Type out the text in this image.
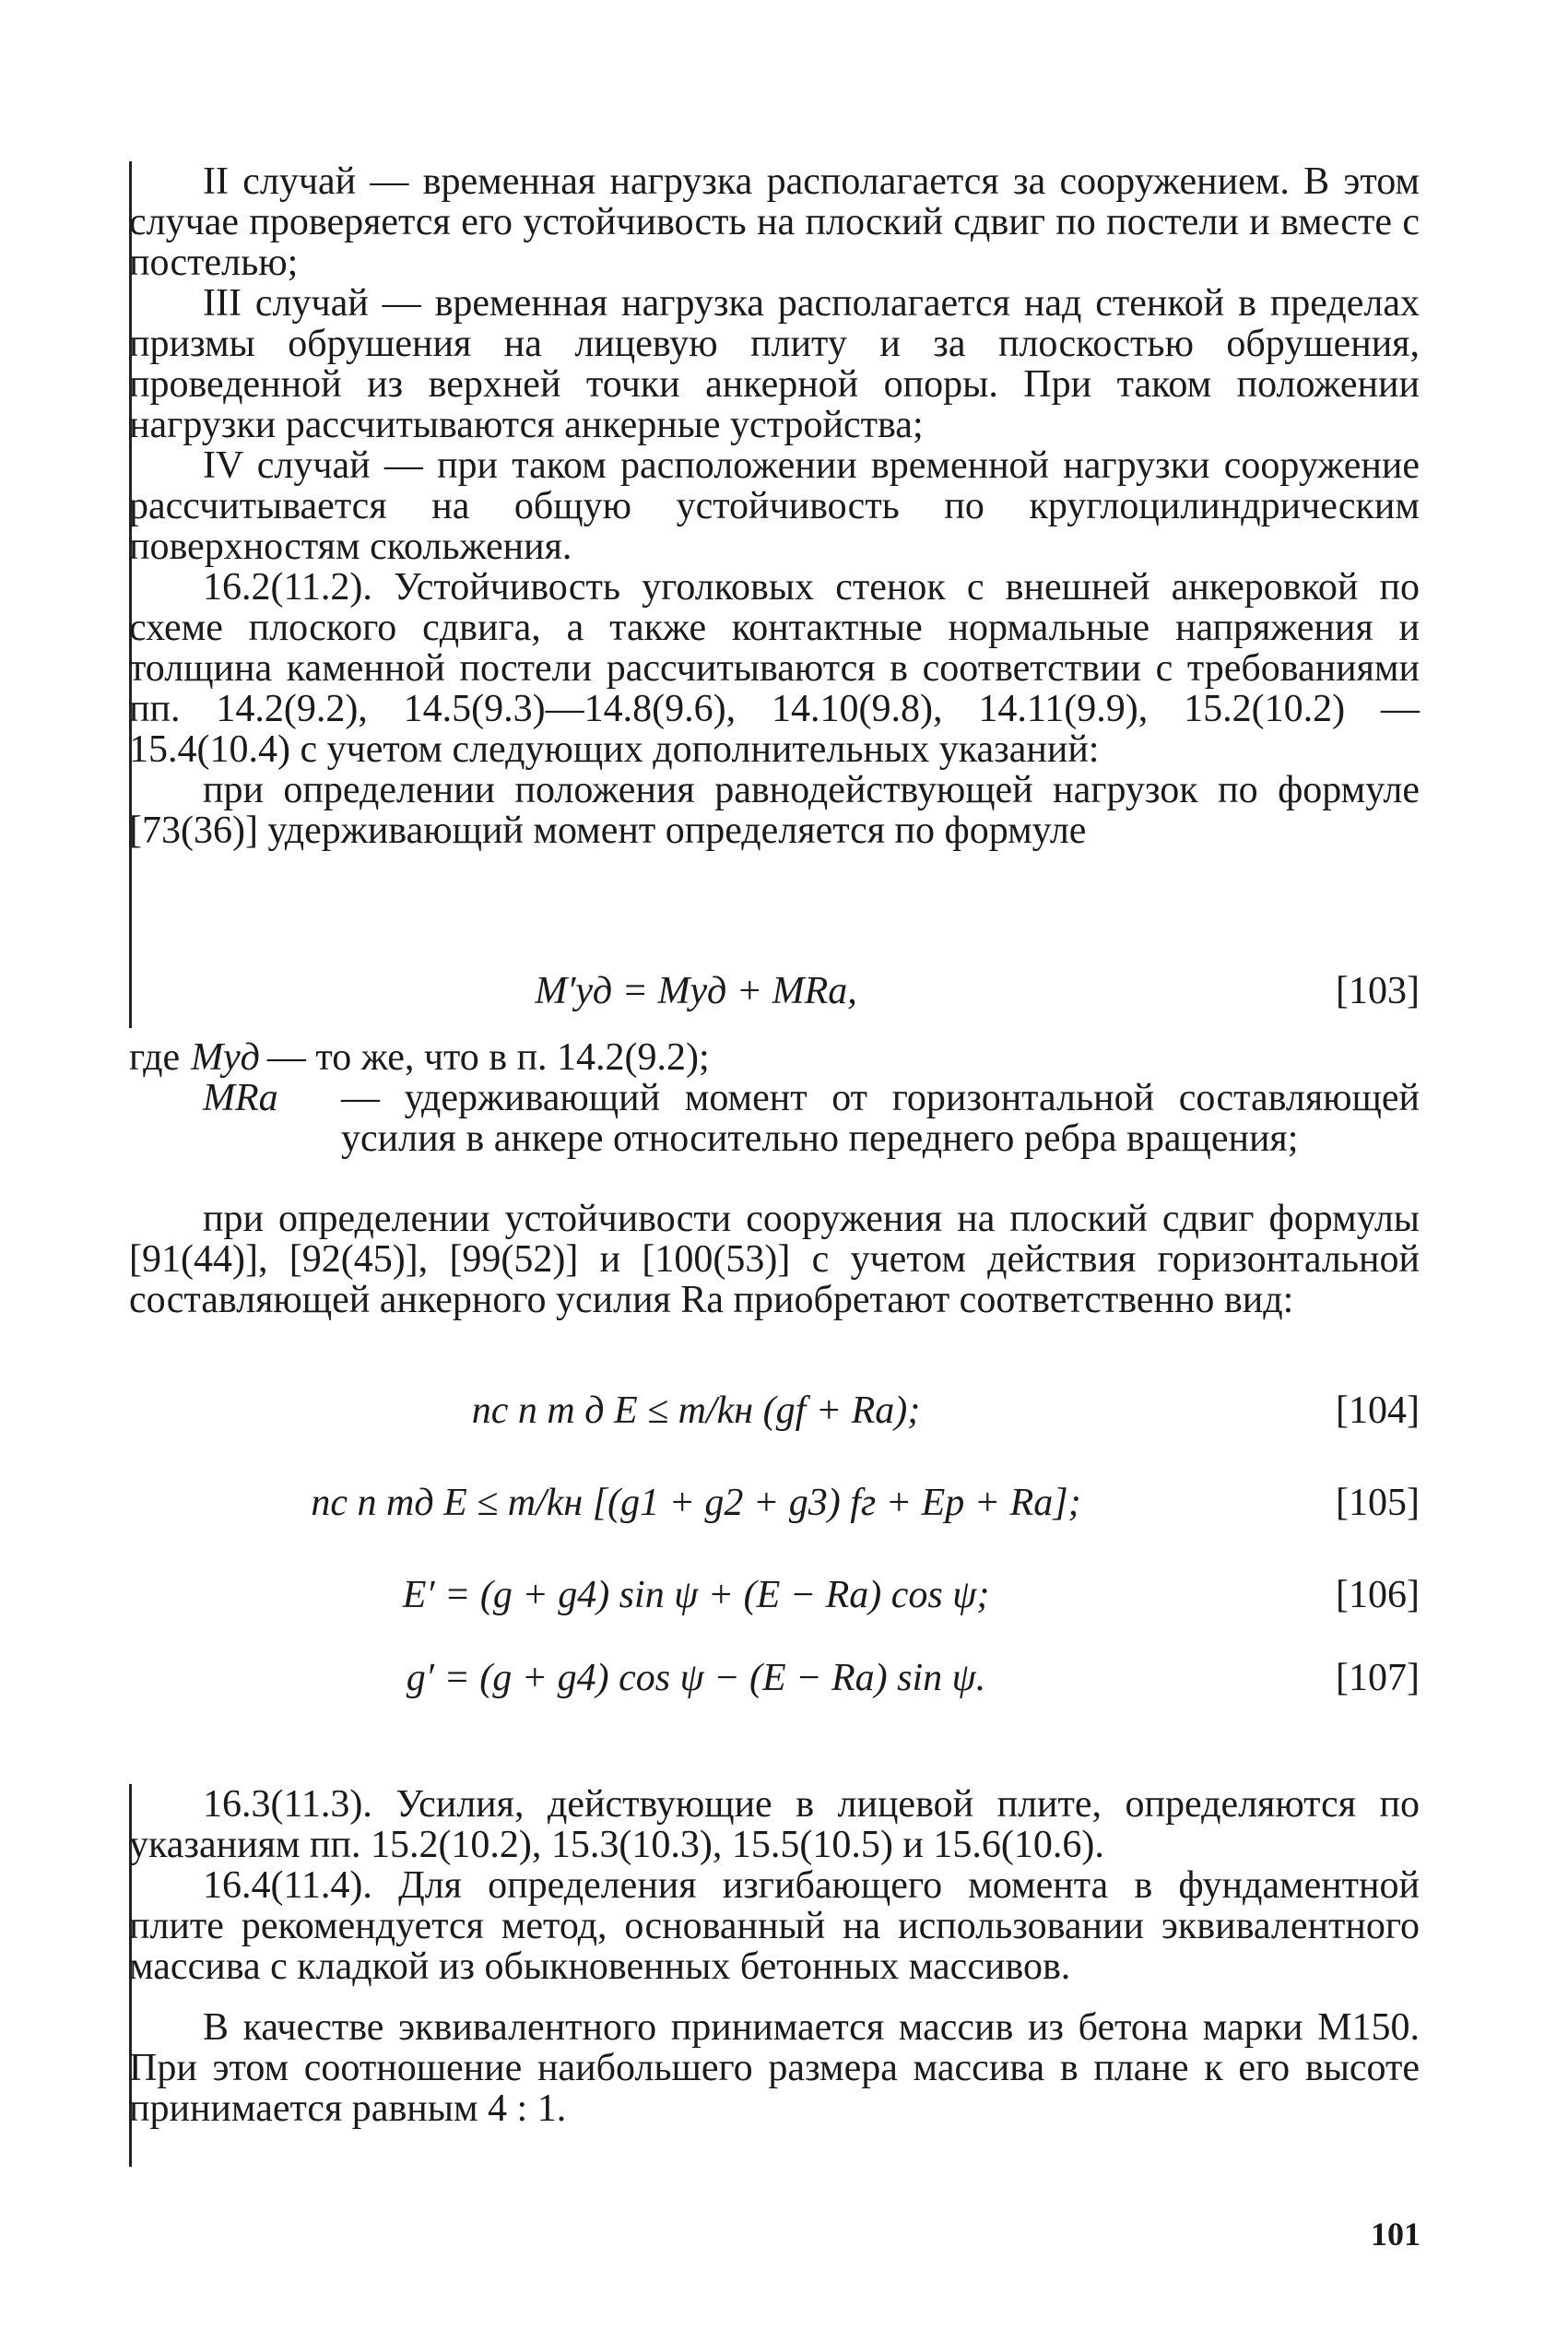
II случай — временная нагрузка располагается за сооружением. В этом случае проверяется его устойчивость на плоский сдвиг по постели и вместе с постелью;

III случай — временная нагрузка располагается над стенкой в пределах призмы обрушения на лицевую плиту и за плоскостью обрушения, проведенной из верхней точки анкерной опоры. При таком положении нагрузки рассчитываются анкерные устройства;

IV случай — при таком расположении временной нагрузки сооружение рассчитывается на общую устойчивость по круглоцилиндрическим поверхностям скольжения.

16.2(11.2). Устойчивость уголковых стенок с внешней анкеровкой по схеме плоского сдвига, а также контактные нормальные напряжения и толщина каменной постели рассчитываются в соответствии с требованиями пп. 14.2(9.2), 14.5(9.3)—14.8(9.6), 14.10(9.8), 14.11(9.9), 15.2(10.2) — 15.4(10.4) с учетом следующих дополнительных указаний:

при определении положения равнодействующей нагрузок по формуле [73(36)] удерживающий момент определяется по формуле

M′уд = Mуд + MRa,	[103]
где Mуд — то же, что в п. 14.2(9.2);
MRa — удерживающий момент от горизонтальной составляющей усилия в анкере относительно переднего ребра вращения;

при определении устойчивости сооружения на плоский сдвиг формулы [91(44)], [92(45)], [99(52)] и [100(53)] с учетом действия горизонтальной составляющей анкерного усилия Ra приобретают соответственно вид:

nc n m д E ≤ m/kн (gf + Ra);	[104]
nc n mд E ≤ m/kн [(g1 + g2 + g3) fг + Ep + Ra];	[105]
E′ = (g + g4) sin ψ + (E − Ra) cos ψ;	[106]
g′ = (g + g4) cos ψ − (E − Ra) sin ψ.	[107]

16.3(11.3). Усилия, действующие в лицевой плите, определяются по указаниям пп. 15.2(10.2), 15.3(10.3), 15.5(10.5) и 15.6(10.6).

16.4(11.4). Для определения изгибающего момента в фундаментной плите рекомендуется метод, основанный на использовании эквивалентного массива с кладкой из обыкновенных бетонных массивов.

В качестве эквивалентного принимается массив из бетона марки М150. При этом соотношение наибольшего размера массива в плане к его высоте принимается равным 4 : 1.

101
